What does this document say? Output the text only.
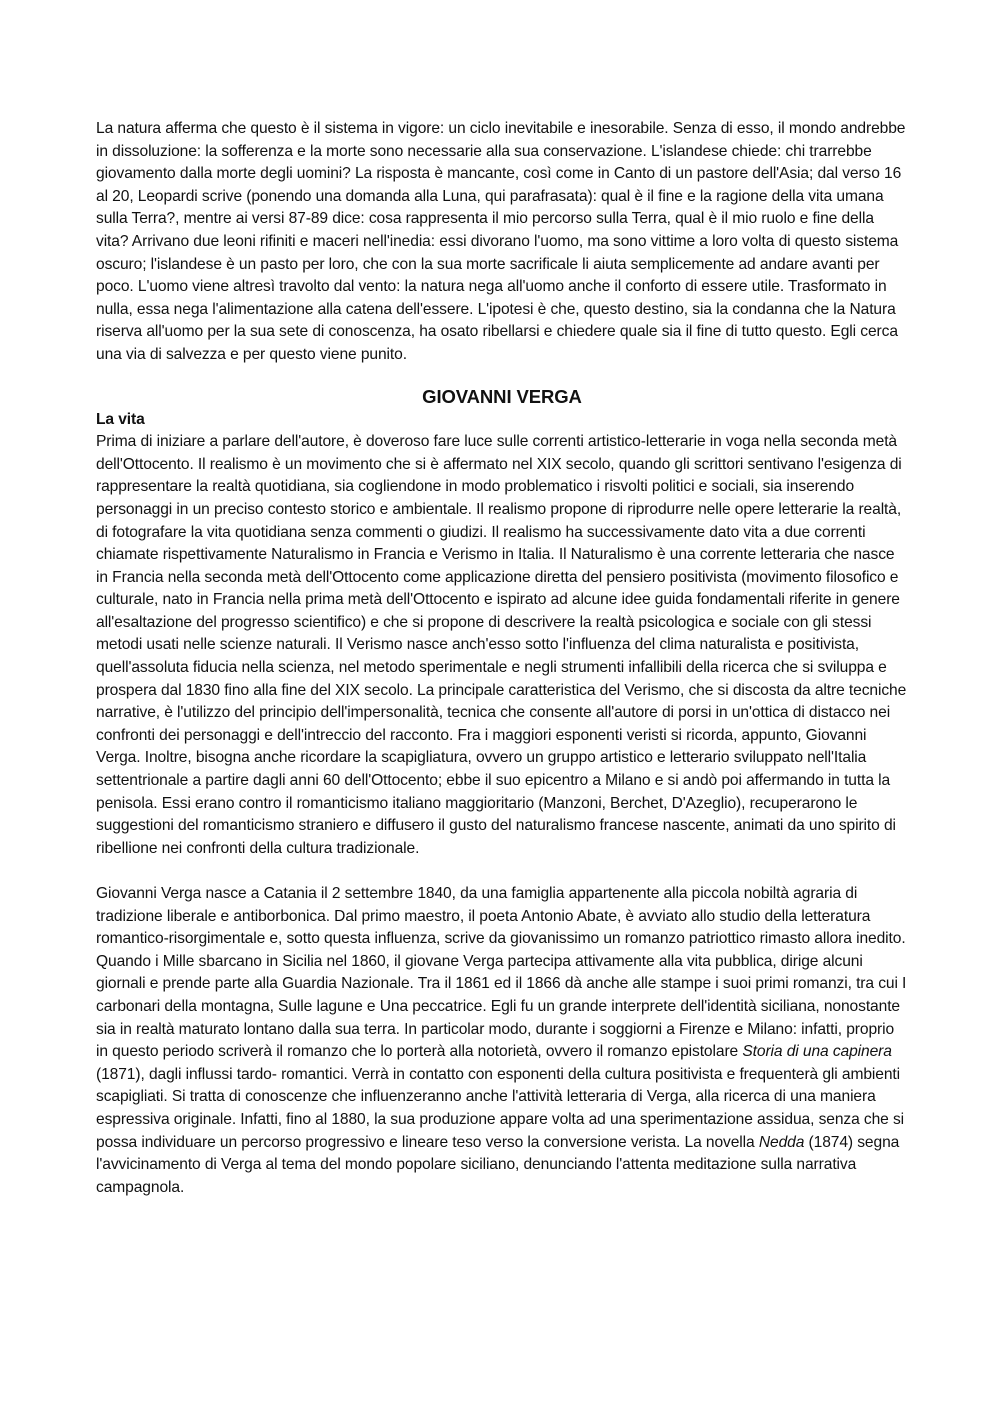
La natura afferma che questo è il sistema in vigore: un ciclo inevitabile e inesorabile. Senza di esso, il mondo andrebbe in dissoluzione: la sofferenza e la morte sono necessarie alla sua conservazione. L'islandese chiede: chi trarrebbe giovamento dalla morte degli uomini? La risposta è mancante, così come in Canto di un pastore dell'Asia; dal verso 16 al 20, Leopardi scrive (ponendo una domanda alla Luna, qui parafrasata): qual è il fine e la ragione della vita umana sulla Terra?, mentre ai versi 87-89 dice: cosa rappresenta il mio percorso sulla Terra, qual è il mio ruolo e fine della vita? Arrivano due leoni rifiniti e maceri nell'inedia: essi divorano l'uomo, ma sono vittime a loro volta di questo sistema oscuro; l'islandese è un pasto per loro, che con la sua morte sacrificale li aiuta semplicemente ad andare avanti per poco. L'uomo viene altresì travolto dal vento: la natura nega all'uomo anche il conforto di essere utile. Trasformato in nulla, essa nega l'alimentazione alla catena dell'essere. L'ipotesi è che, questo destino, sia la condanna che la Natura riserva all'uomo per la sua sete di conoscenza, ha osato ribellarsi e chiedere quale sia il fine di tutto questo. Egli cerca una via di salvezza e per questo viene punito.

GIOVANNI VERGA

La vita

Prima di iniziare a parlare dell'autore, è doveroso fare luce sulle correnti artistico-letterarie in voga nella seconda metà dell'Ottocento. Il realismo è un movimento che si è affermato nel XIX secolo, quando gli scrittori sentivano l'esigenza di rappresentare la realtà quotidiana, sia cogliendone in modo problematico i risvolti politici e sociali, sia inserendo personaggi in un preciso contesto storico e ambientale. Il realismo propone di riprodurre nelle opere letterarie la realtà, di fotografare la vita quotidiana senza commenti o giudizi. Il realismo ha successivamente dato vita a due correnti chiamate rispettivamente Naturalismo in Francia e Verismo in Italia. Il Naturalismo è una corrente letteraria che nasce in Francia nella seconda metà dell'Ottocento come applicazione diretta del pensiero positivista (movimento filosofico e culturale, nato in Francia nella prima metà dell'Ottocento e ispirato ad alcune idee guida fondamentali riferite in genere all'esaltazione del progresso scientifico) e che si propone di descrivere la realtà psicologica e sociale con gli stessi metodi usati nelle scienze naturali. Il Verismo nasce anch'esso sotto l'influenza del clima naturalista e positivista, quell'assoluta fiducia nella scienza, nel metodo sperimentale e negli strumenti infallibili della ricerca che si sviluppa e prospera dal 1830 fino alla fine del XIX secolo. La principale caratteristica del Verismo, che si discosta da altre tecniche narrative, è l'utilizzo del principio dell'impersonalità, tecnica che consente all'autore di porsi in un'ottica di distacco nei confronti dei personaggi e dell'intreccio del racconto. Fra i maggiori esponenti veristi si ricorda, appunto, Giovanni Verga. Inoltre, bisogna anche ricordare la scapigliatura, ovvero un gruppo artistico e letterario sviluppato nell'Italia settentrionale a partire dagli anni 60 dell'Ottocento; ebbe il suo epicentro a Milano e si andò poi affermando in tutta la penisola. Essi erano contro il romanticismo italiano maggioritario (Manzoni, Berchet, D'Azeglio), recuperarono le suggestioni del romanticismo straniero e diffusero il gusto del naturalismo francese nascente, animati da uno spirito di ribellione nei confronti della cultura tradizionale.

Giovanni Verga nasce a Catania il 2 settembre 1840, da una famiglia appartenente alla piccola nobiltà agraria di tradizione liberale e antiborbonica. Dal primo maestro, il poeta Antonio Abate, è avviato allo studio della letteratura romantico-risorgimentale e, sotto questa influenza, scrive da giovanissimo un romanzo patriottico rimasto allora inedito. Quando i Mille sbarcano in Sicilia nel 1860, il giovane Verga partecipa attivamente alla vita pubblica, dirige alcuni giornali e prende parte alla Guardia Nazionale. Tra il 1861 ed il 1866 dà anche alle stampe i suoi primi romanzi, tra cui I carbonari della montagna, Sulle lagune e Una peccatrice. Egli fu un grande interprete dell'identità siciliana, nonostante sia in realtà maturato lontano dalla sua terra. In particolar modo, durante i soggiorni a Firenze e Milano: infatti, proprio in questo periodo scriverà il romanzo che lo porterà alla notorietà, ovvero il romanzo epistolare Storia di una capinera (1871), dagli influssi tardo- romantici. Verrà in contatto con esponenti della cultura positivista e frequenterà gli ambienti scapigliati. Si tratta di conoscenze che influenzeranno anche l'attività letteraria di Verga, alla ricerca di una maniera espressiva originale. Infatti, fino al 1880, la sua produzione appare volta ad una sperimentazione assidua, senza che si possa individuare un percorso progressivo e lineare teso verso la conversione verista. La novella Nedda (1874) segna l'avvicinamento di Verga al tema del mondo popolare siciliano, denunciando l'attenta meditazione sulla narrativa campagnola.
